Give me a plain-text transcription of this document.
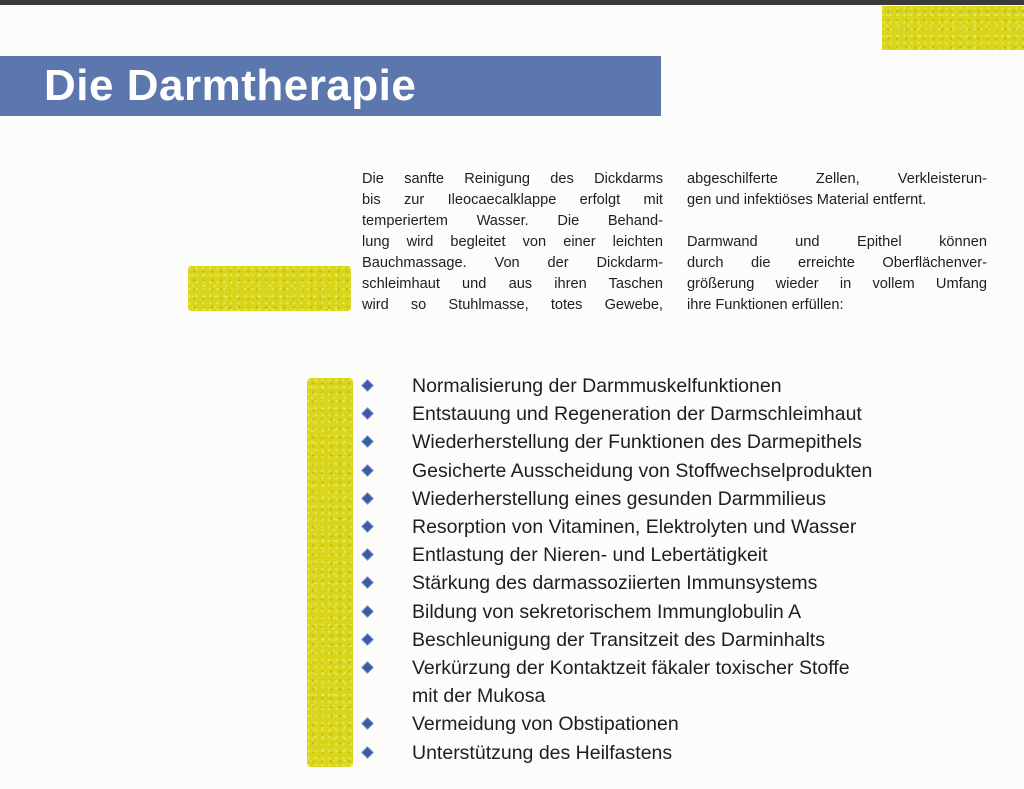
Die Darmtherapie
Die sanfte Reinigung des Dickdarms
bis zur Ileocaecalklappe erfolgt mit
temperiertem Wasser. Die Behand-
lung wird begleitet von einer leichten
Bauchmassage. Von der Dickdarm-
schleimhaut und aus ihren Taschen
wird so Stuhlmasse, totes Gewebe,
abgeschilferte Zellen, Verkleisterun-
gen und infektiöses Material entfernt.
Darmwand und Epithel können
durch die erreichte Oberflächenver-
größerung wieder in vollem Umfang
ihre Funktionen erfüllen:
Normalisierung der Darmmuskelfunktionen
Entstauung und Regeneration der Darmschleimhaut
Wiederherstellung der Funktionen des Darmepithels
Gesicherte Ausscheidung von Stoffwechselprodukten
Wiederherstellung eines gesunden Darmmilieus
Resorption von Vitaminen, Elektrolyten und Wasser
Entlastung der Nieren- und Lebertätigkeit
Stärkung des darmassoziierten Immunsystems
Bildung von sekretorischem Immunglobulin A
Beschleunigung der Transitzeit des Darminhalts
Verkürzung der Kontaktzeit fäkaler toxischer Stoffe
mit der Mukosa
Vermeidung von Obstipationen
Unterstützung des Heilfastens
